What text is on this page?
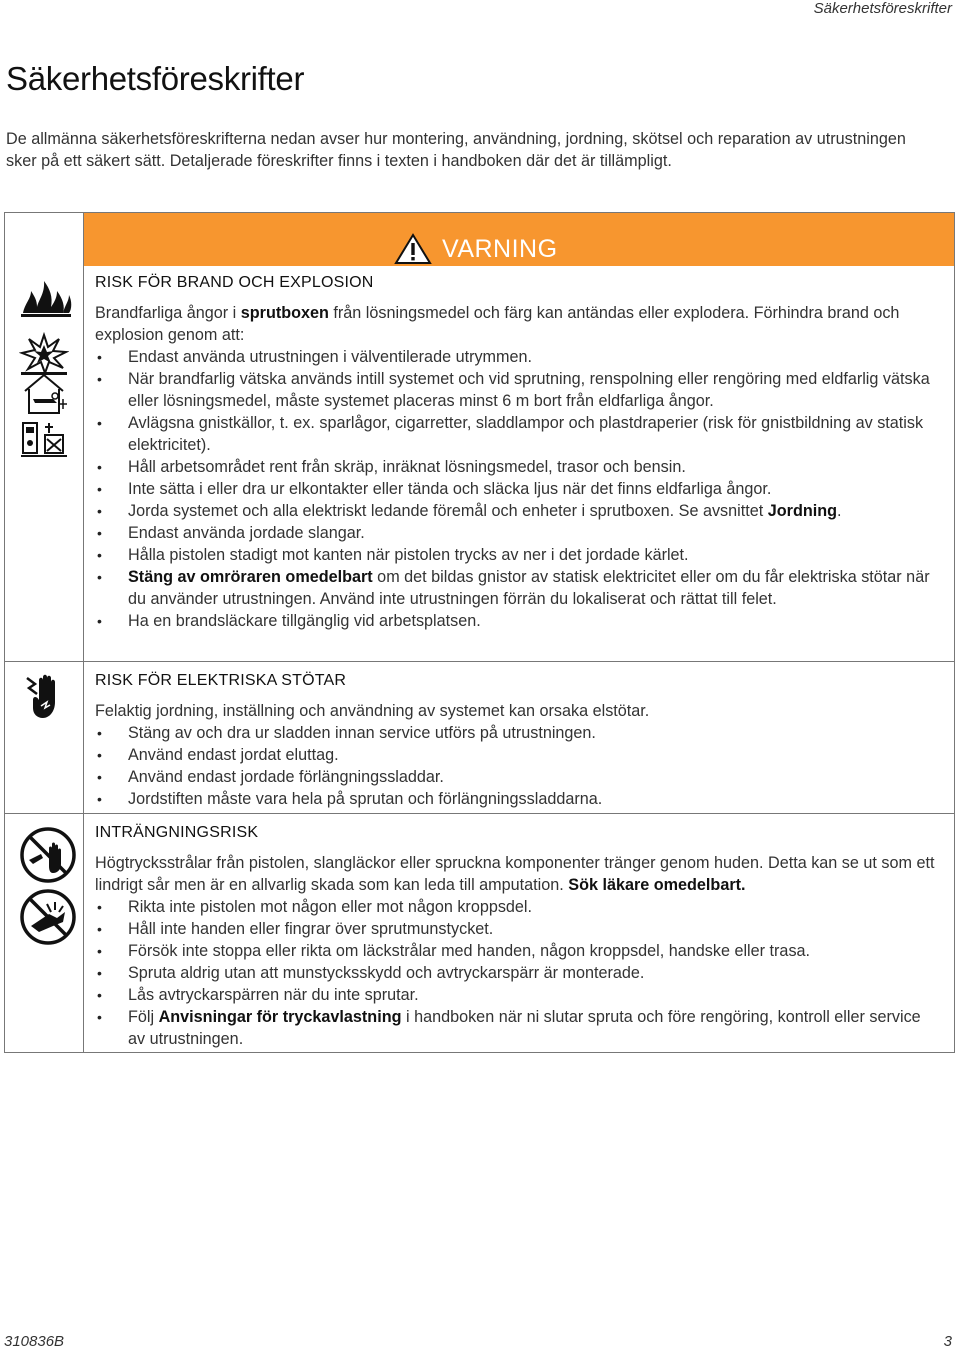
Säkerhetsföreskrifter
Säkerhetsföreskrifter

De allmänna säkerhetsföreskrifterna nedan avser hur montering, användning, jordning, skötsel och reparation av utrustningen sker på ett säkert sätt. Detaljerade föreskrifter finns i texten i handboken där det är tillämpligt.

VARNING
RISK FÖR BRAND OCH EXPLOSION

Brandfarliga ångor i sprutboxen från lösningsmedel och färg kan antändas eller explodera. Förhindra brand och explosion genom att:

• Endast använda utrustningen i välventilerade utrymmen.
• När brandfarlig vätska används intill systemet och vid sprutning, renspolning eller rengöring med eldfarlig vätska eller lösningsmedel, måste systemet placeras minst 6 m bort från eldfarliga ångor.
• Avlägsna gnistkällor, t. ex. sparlågor, cigarretter, sladdlampor och plastdraperier (risk för gnistbildning av statisk elektricitet).
• Håll arbetsområdet rent från skräp, inräknat lösningsmedel, trasor och bensin.
• Inte sätta i eller dra ur elkontakter eller tända och släcka ljus när det finns eldfarliga ångor.
• Jorda systemet och alla elektriskt ledande föremål och enheter i sprutboxen. Se avsnittet Jordning.
• Endast använda jordade slangar.
• Hålla pistolen stadigt mot kanten när pistolen trycks av ner i det jordade kärlet.
• Stäng av omröraren omedelbart om det bildas gnistor av statisk elektricitet eller om du får elektriska stötar när du använder utrustningen. Använd inte utrustningen förrän du lokaliserat och rättat till felet.
• Ha en brandsläckare tillgänglig vid arbetsplatsen.
RISK FÖR ELEKTRISKA STÖTAR

Felaktig jordning, inställning och användning av systemet kan orsaka elstötar.

• Stäng av och dra ur sladden innan service utförs på utrustningen.
• Använd endast jordat eluttag.
• Använd endast jordade förlängningssladdar.
• Jordstiften måste vara hela på sprutan och förlängningssladdarna.
INTRÄNGNINGSRISK

Högtrycksstrålar från pistolen, slangläckor eller spruckna komponenter tränger genom huden. Detta kan se ut som ett lindrigt sår men är en allvarlig skada som kan leda till amputation. Sök läkare omedelbart.

• Rikta inte pistolen mot någon eller mot någon kroppsdel.
• Håll inte handen eller fingrar över sprutmunstycket.
• Försök inte stoppa eller rikta om läckstrålar med handen, någon kroppsdel, handske eller trasa.
• Spruta aldrig utan att munstycksskydd och avtryckarspärr är monterade.
• Lås avtryckarspärren när du inte sprutar.
• Följ Anvisningar för tryckavlastning i handboken när ni slutar spruta och före rengöring, kontroll eller service av utrustningen.
310836B	3
